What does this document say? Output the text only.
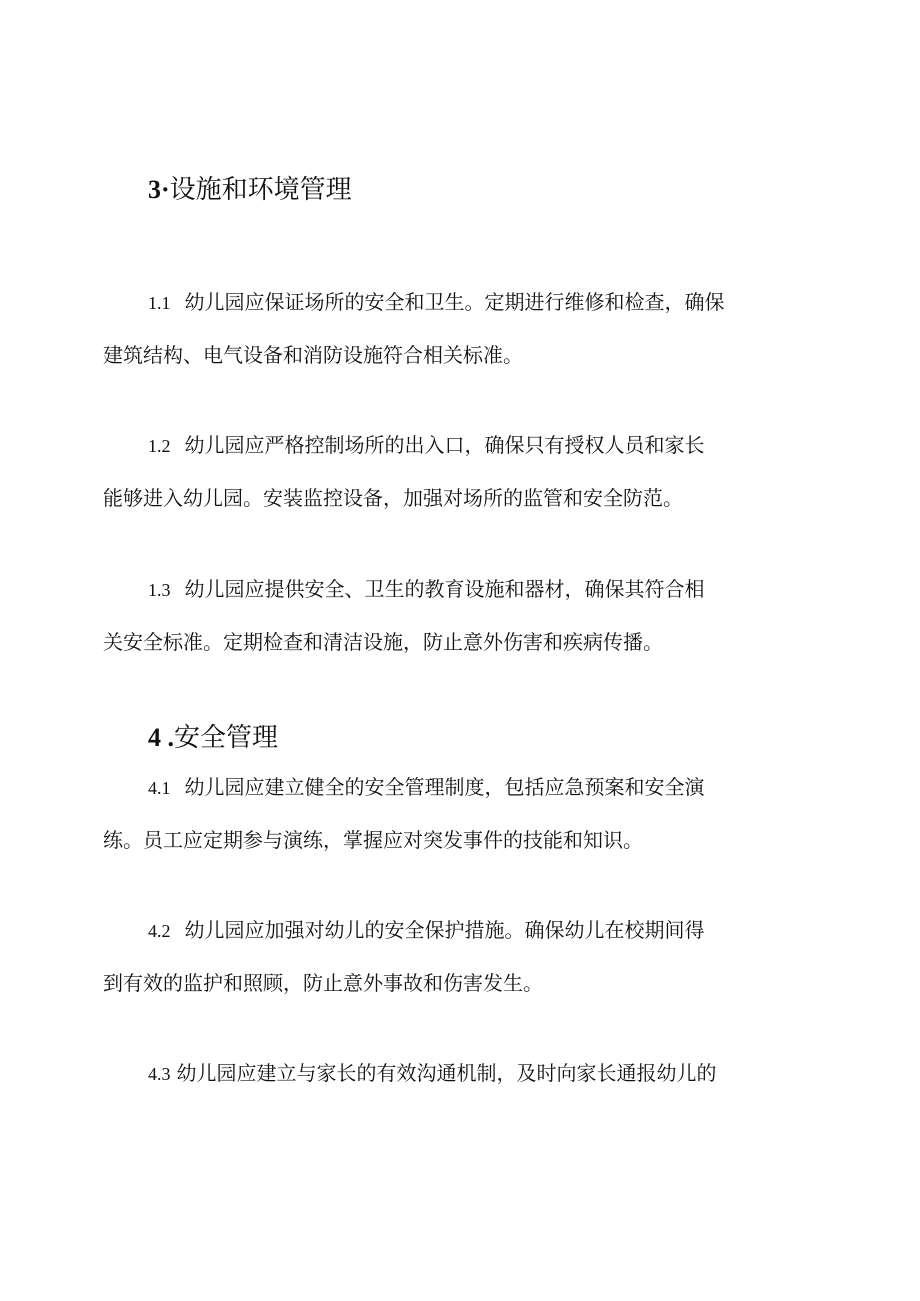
3·设施和环境管理

1.1 幼儿园应保证场所的安全和卫生。定期进行维修和检查，确保
建筑结构、电气设备和消防设施符合相关标准。

1.2 幼儿园应严格控制场所的出入口，确保只有授权人员和家长
能够进入幼儿园。安装监控设备，加强对场所的监管和安全防范。

1.3 幼儿园应提供安全、卫生的教育设施和器材，确保其符合相
关安全标准。定期检查和清洁设施，防止意外伤害和疾病传播。

4 .安全管理

4.1 幼儿园应建立健全的安全管理制度，包括应急预案和安全演
练。员工应定期参与演练，掌握应对突发事件的技能和知识。

4.2 幼儿园应加强对幼儿的安全保护措施。确保幼儿在校期间得
到有效的监护和照顾，防止意外事故和伤害发生。

4.3 幼儿园应建立与家长的有效沟通机制，及时向家长通报幼儿的
